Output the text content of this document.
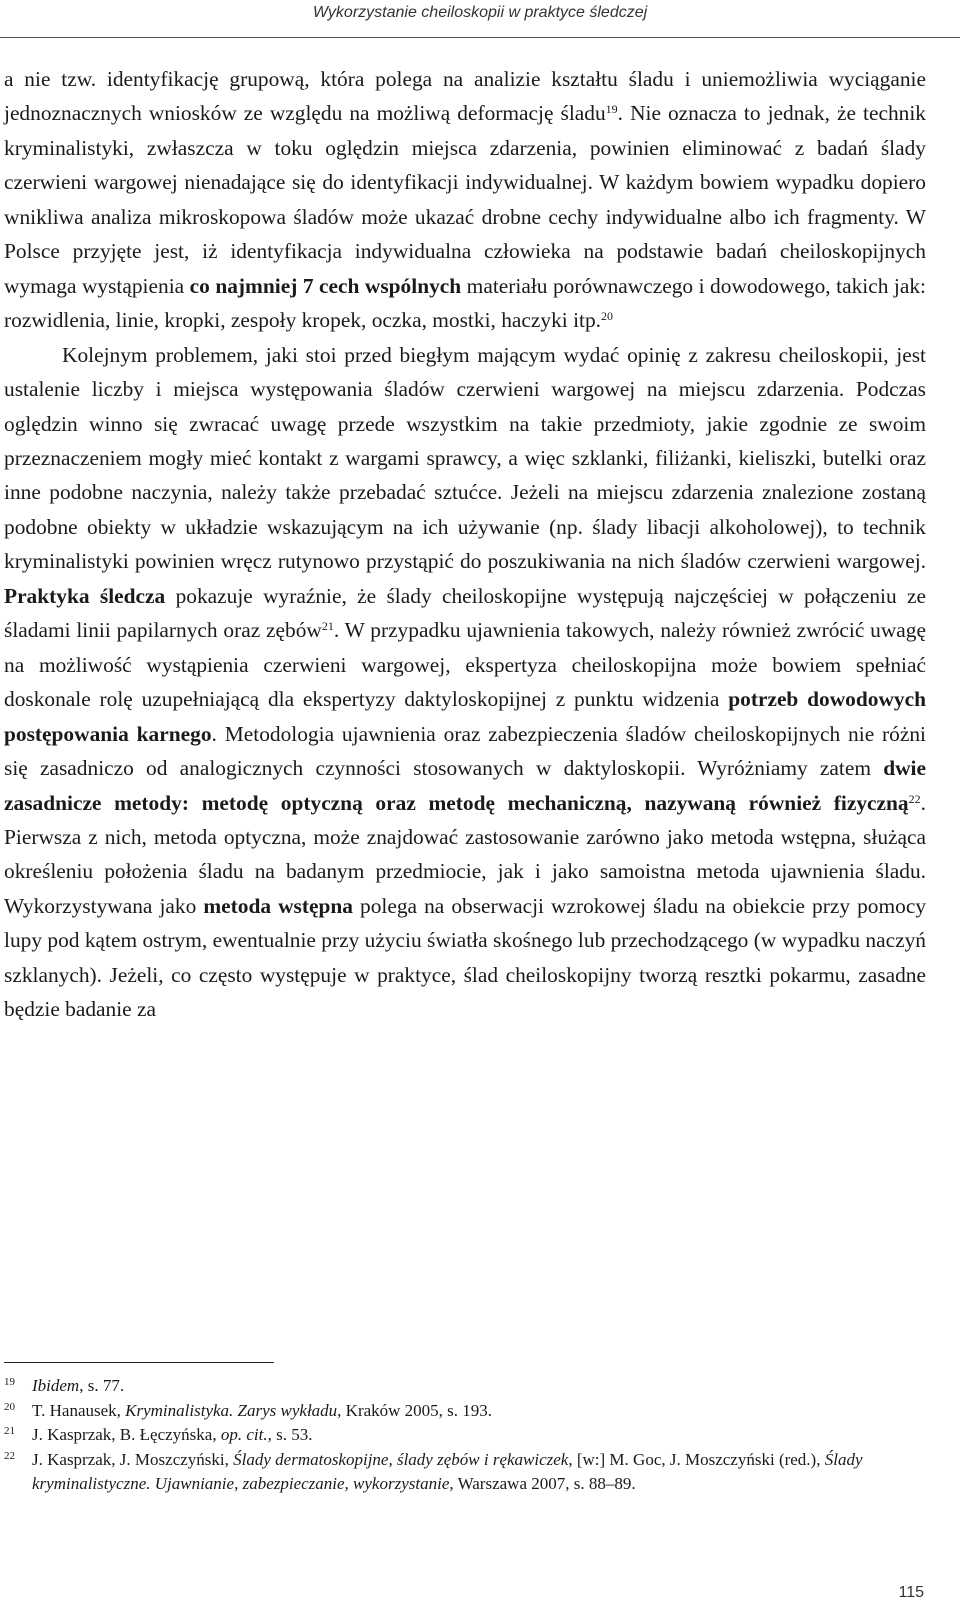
Wykorzystanie cheiloskopii w praktyce śledczej

a nie tzw. identyfikację grupową, która polega na analizie kształtu śladu i uniemożliwia wyciąganie jednoznacznych wniosków ze względu na możliwą deformację śladu$^{19}$. Nie oznacza to jednak, że technik kryminalistyki, zwłaszcza w toku oględzin miejsca zdarzenia, powinien eliminować z badań ślady czerwieni wargowej nienadające się do identyfikacji indywidualnej. W każdym bowiem wypadku dopiero wnikliwa analiza mikroskopowa śladów może ukazać drobne cechy indywidualne albo ich fragmenty. W Polsce przyjęte jest, iż identyfikacja indywidualna człowieka na podstawie badań cheiloskopijnych wymaga wystąpienia co najmniej 7 cech wspólnych materiału porównawczego i dowodowego, takich jak: rozwidlenia, linie, kropki, zespoły kropek, oczka, mostki, haczyki itp.$^{20}$

Kolejnym problemem, jaki stoi przed biegłym mającym wydać opinię z zakresu cheiloskopii, jest ustalenie liczby i miejsca występowania śladów czerwieni wargowej na miejscu zdarzenia. Podczas oględzin winno się zwracać uwagę przede wszystkim na takie przedmioty, jakie zgodnie ze swoim przeznaczeniem mogły mieć kontakt z wargami sprawcy, a więc szklanki, filiżanki, kieliszki, butelki oraz inne podobne naczynia, należy także przebadać sztućce. Jeżeli na miejscu zdarzenia znalezione zostaną podobne obiekty w układzie wskazującym na ich używanie (np. ślady libacji alkoholowej), to technik kryminalistyki powinien wręcz rutynowo przystąpić do poszukiwania na nich śladów czerwieni wargowej. Praktyka śledcza pokazuje wyraźnie, że ślady cheiloskopijne występują najczęściej w połączeniu ze śladami linii papilarnych oraz zębów$^{21}$. W przypadku ujawnienia takowych, należy również zwrócić uwagę na możliwość wystąpienia czerwieni wargowej, ekspertyza cheiloskopijna może bowiem spełniać doskonale rolę uzupełniającą dla ekspertyzy daktyloskopijnej z punktu widzenia potrzeb dowodowych postępowania karnego. Metodologia ujawnienia oraz zabezpieczenia śladów cheiloskopijnych nie różni się zasadniczo od analogicznych czynności stosowanych w daktyloskopii. Wyróżniamy zatem dwie zasadnicze metody: metodę optyczną oraz metodę mechaniczną, nazywaną również fizyczną$^{22}$. Pierwsza z nich, metoda optyczna, może znajdować zastosowanie zarówno jako metoda wstępna, służąca określeniu położenia śladu na badanym przedmiocie, jak i jako samoistna metoda ujawnienia śladu. Wykorzystywana jako metoda wstępna polega na obserwacji wzrokowej śladu na obiekcie przy pomocy lupy pod kątem ostrym, ewentualnie przy użyciu światła skośnego lub przechodzącego (w wypadku naczyń szklanych). Jeżeli, co często występuje w praktyce, ślad cheiloskopijny tworzą resztki pokarmu, zasadne będzie badanie za

19 Ibidem, s. 77.
20 T. Hanausek, Kryminalistyka. Zarys wykładu, Kraków 2005, s. 193.
21 J. Kasprzak, B. Łęczyńska, op. cit., s. 53.
22 J. Kasprzak, J. Moszczyński, Ślady dermatoskopijne, ślady zębów i rękawiczek, [w:] M. Goc, J. Moszczyński (red.), Ślady kryminalistyczne. Ujawnianie, zabezpieczanie, wykorzystanie, Warszawa 2007, s. 88–89.
115
